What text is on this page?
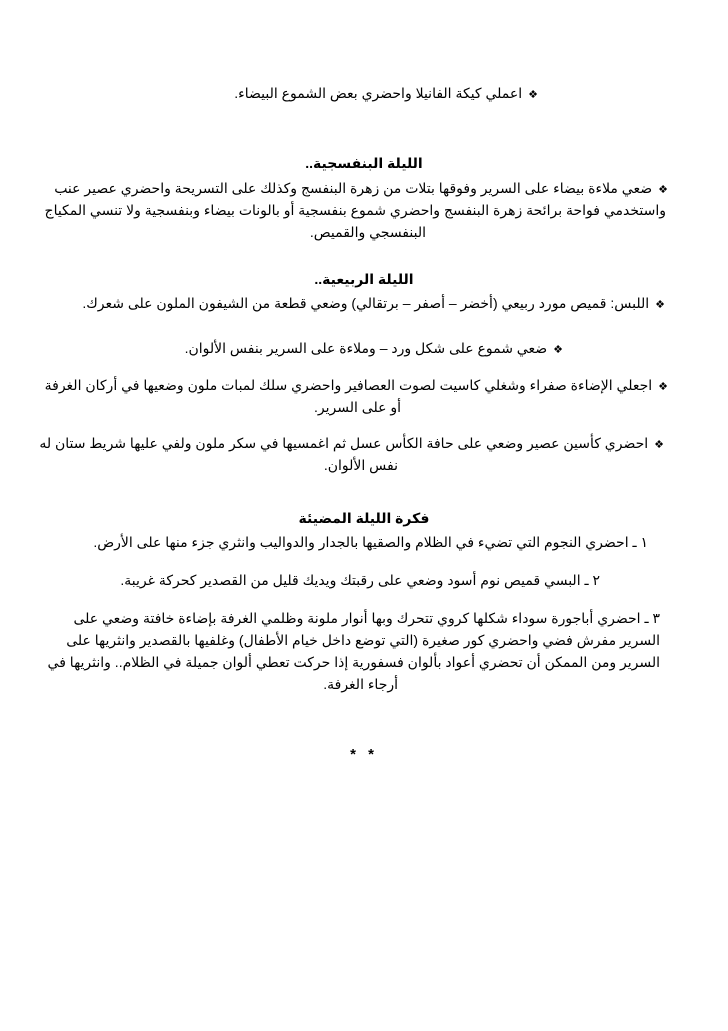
❖اعملي كيكة الفانيلا واحضري بعض الشموع البيضاء.
الليلة البنفسجية..
❖ضعي ملاءة بيضاء على السرير وفوقها بتلات من زهرة البنفسج وكذلك على التسريحة واحضري عصير عنب
واستخدمي فواحة برائحة زهرة البنفسج واحضري شموع بنفسجية أو بالونات بيضاء وبنفسجية ولا تنسي المكياج
البنفسجي والقميص.
الليلة الربيعية..
❖اللبس: قميص مورد ربيعي (أخضر – أصفر – برتقالي) وضعي قطعة من الشيفون الملون على شعرك.
❖ضعي شموع على شكل ورد – وملاءة على السرير بنفس الألوان.
❖اجعلي الإضاءة صفراء وشغلي كاسيت لصوت العصافير واحضري سلك لمبات ملون وضعيها في أركان الغرفة
أو على السرير.
❖احضري كأسين عصير وضعي على حافة الكأس عسل ثم اغمسيها في سكر ملون ولفي عليها شريط ستان له
نفس الألوان.
فكرة الليلة المضيئة
١ ـ احضري النجوم التي تضيء في الظلام والصقيها بالجدار والدواليب وانثري جزء منها على الأرض.
٢ ـ البسي قميص نوم أسود وضعي على رقبتك ويديك قليل من القصدير كحركة غريبة.
٣ ـ احضري أباجورة سوداء شكلها كروي تتحرك وبها أنوار ملونة وظلمي الغرفة بإضاءة خافتة وضعي على
السرير مفرش فضي واحضري كور صغيرة (التي توضع داخل خيام الأطفال) وغلفيها بالقصدير وانثريها على
السرير ومن الممكن أن تحضري أعواد بألوان فسفورية إذا حركت تعطي ألوان جميلة في الظلام.. وانثريها في
أرجاء الغرفة.
* *
